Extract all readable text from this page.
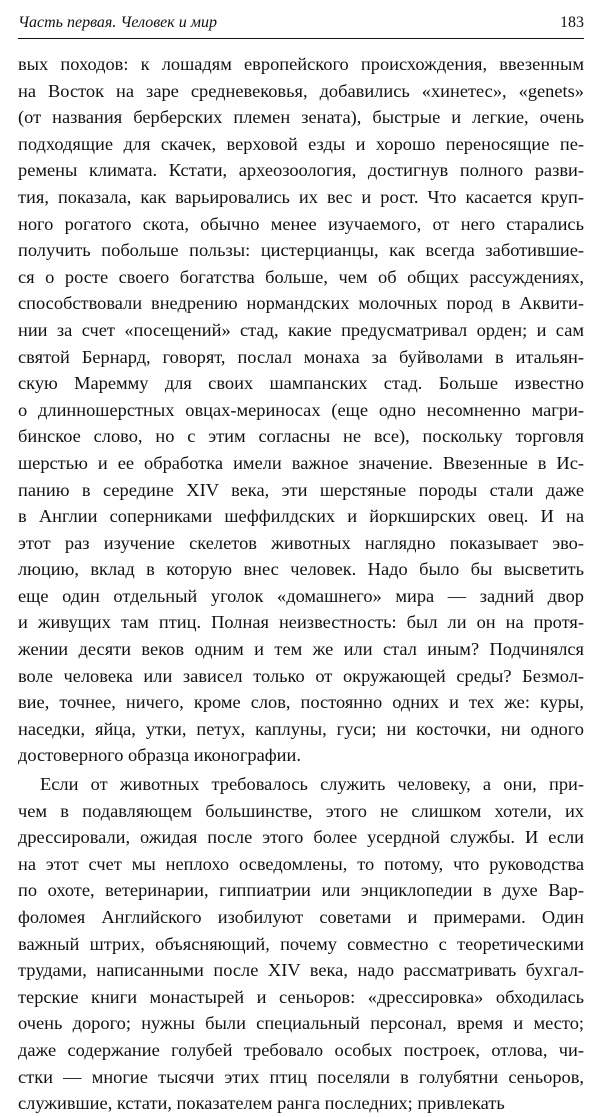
Часть первая. Человек и мир	183
вых походов: к лошадям европейского происхождения, ввезенным
на Восток на заре средневековья, добавились «хинетес», «genets»
(от названия берберских племен зената), быстрые и легкие, очень
подходящие для скачек, верховой езды и хорошо переносящие пе-
ремены климата. Кстати, археозоология, достигнув полного разви-
тия, показала, как варьировались их вес и рост. Что касается круп-
ного рогатого скота, обычно менее изучаемого, от него старались
получить побольше пользы: цистерцианцы, как всегда заботившие-
ся о росте своего богатства больше, чем об общих рассуждениях,
способствовали внедрению нормандских молочных пород в Аквити-
нии за счет «посещений» стад, какие предусматривал орден; и сам
святой Бернард, говорят, послал монаха за буйволами в итальян-
скую Маремму для своих шампанских стад. Больше известно
о длинношерстных овцах-мериносах (еще одно несомненно магри-
бинское слово, но с этим согласны не все), поскольку торговля
шерстью и ее обработка имели важное значение. Ввезенные в Ис-
панию в середине XIV века, эти шерстяные породы стали даже
в Англии соперниками шеффилдских и йоркширских овец. И на
этот раз изучение скелетов животных наглядно показывает эво-
люцию, вклад в которую внес человек. Надо было бы высветить
еще один отдельный уголок «домашнего» мира — задний двор
и живущих там птиц. Полная неизвестность: был ли он на протя-
жении десяти веков одним и тем же или стал иным? Подчинялся
воле человека или зависел только от окружающей среды? Безмол-
вие, точнее, ничего, кроме слов, постоянно одних и тех же: куры,
наседки, яйца, утки, петух, каплуны, гуси; ни косточки, ни одного
достоверного образца иконографии.
Если от животных требовалось служить человеку, а они, при-
чем в подавляющем большинстве, этого не слишком хотели, их
дрессировали, ожидая после этого более усердной службы. И если
на этот счет мы неплохо осведомлены, то потому, что руководства
по охоте, ветеринарии, гиппиатрии или энциклопедии в духе Вар-
фоломея Английского изобилуют советами и примерами. Один
важный штрих, объясняющий, почему совместно с теоретическими
трудами, написанными после XIV века, надо рассматривать бухгал-
терские книги монастырей и сеньоров: «дрессировка» обходилась
очень дорого; нужны были специальный персонал, время и место;
даже содержание голубей требовало особых построек, отлова, чи-
стки — многие тысячи этих птиц поселяли в голубятни сеньоров,
служившие, кстати, показателем ранга последних; привлекать
